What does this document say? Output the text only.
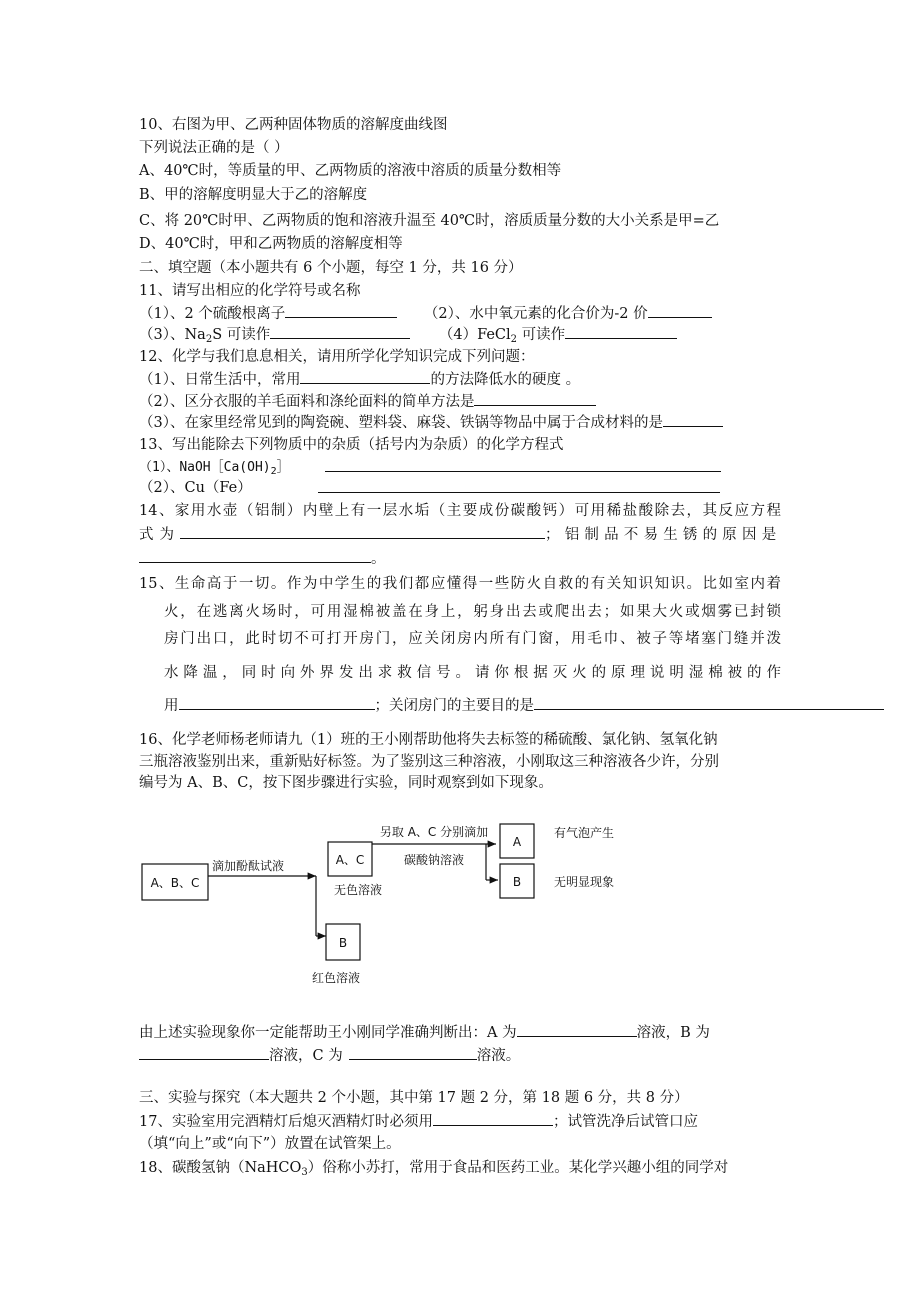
10、右图为甲、乙两种固体物质的溶解度曲线图
下列说法正确的是（ ）
A、40℃时，等质量的甲、乙两物质的溶液中溶质的质量分数相等
B、甲的溶解度明显大于乙的溶解度
C、将 20℃时甲、乙两物质的饱和溶液升温至 40℃时，溶质质量分数的大小关系是甲=乙
D、40℃时，甲和乙两物质的溶解度相等
二、填空题（本小题共有 6 个小题，每空 1 分，共 16 分）
11、请写出相应的化学符号或名称
（1）、2 个硫酸根离子	（2）、水中氧元素的化合价为-2 价
（3）、$Na_2S$ 可读作	（4）FeCl$_2$ 可读作
12、化学与我们息息相关，请用所学化学知识完成下列问题：
（1）、日常生活中，常用	的方法降低水的硬度 。
（2）、区分衣服的羊毛面料和涤纶面料的简单方法是
（3）、在家里经常见到的陶瓷碗、塑料袋、麻袋、铁锅等物品中属于合成材料的是
13、写出能除去下列物质中的杂质（括号内为杂质）的化学方程式
（1）、$NaOH[Ca(OH)_2]$
（2）、Cu（Fe）
14、家用水壶（铝制）内壁上有一层水垢（主要成份碳酸钙）可用稀盐酸除去，其反应方程
式为	；铝制品不易生锈的原因是
。
15、生命高于一切。作为中学生的我们都应懂得一些防火自救的有关知识知识。比如室内着
火，在逃离火场时，可用湿棉被盖在身上，躬身出去或爬出去；如果大火或烟雾已封锁
房门出口，此时切不可打开房门，应关闭房内所有门窗，用毛巾、被子等堵塞门缝并泼
水降温，同时向外界发出求救信号。请你根据灭火的原理说明湿棉被的作
用	；关闭房门的主要目的是
16、化学老师杨老师请九（1）班的王小刚帮助他将失去标签的稀硫酸、氯化钠、氢氧化钠
三瓶溶液鉴别出来，重新贴好标签。为了鉴别这三种溶液，小刚取这三种溶液各少许，分别
编号为 A、B、C，按下图步骤进行实验，同时观察到如下现象。
A、B、C
滴加酚酞试液	A、C
无色溶液
B
红色溶液
另取 A、C 分别滴加
碳酸钠溶液
A
有气泡产生
B	无明显现象
由上述实验现象你一定能帮助王小刚同学准确判断出：A 为	溶液，B 为
溶液，C 为	溶液。
三、实验与探究（本大题共 2 个小题，其中第 17 题 2 分，第 18 题 6 分，共 8 分）
17、实验室用完酒精灯后熄灭酒精灯时必须用	；试管洗净后试管口应
（填“向上”或“向下”）放置在试管架上。
18、碳酸氢钠（NaHCO$_3$）俗称小苏打，常用于食品和医药工业。某化学兴趣小组的同学对
